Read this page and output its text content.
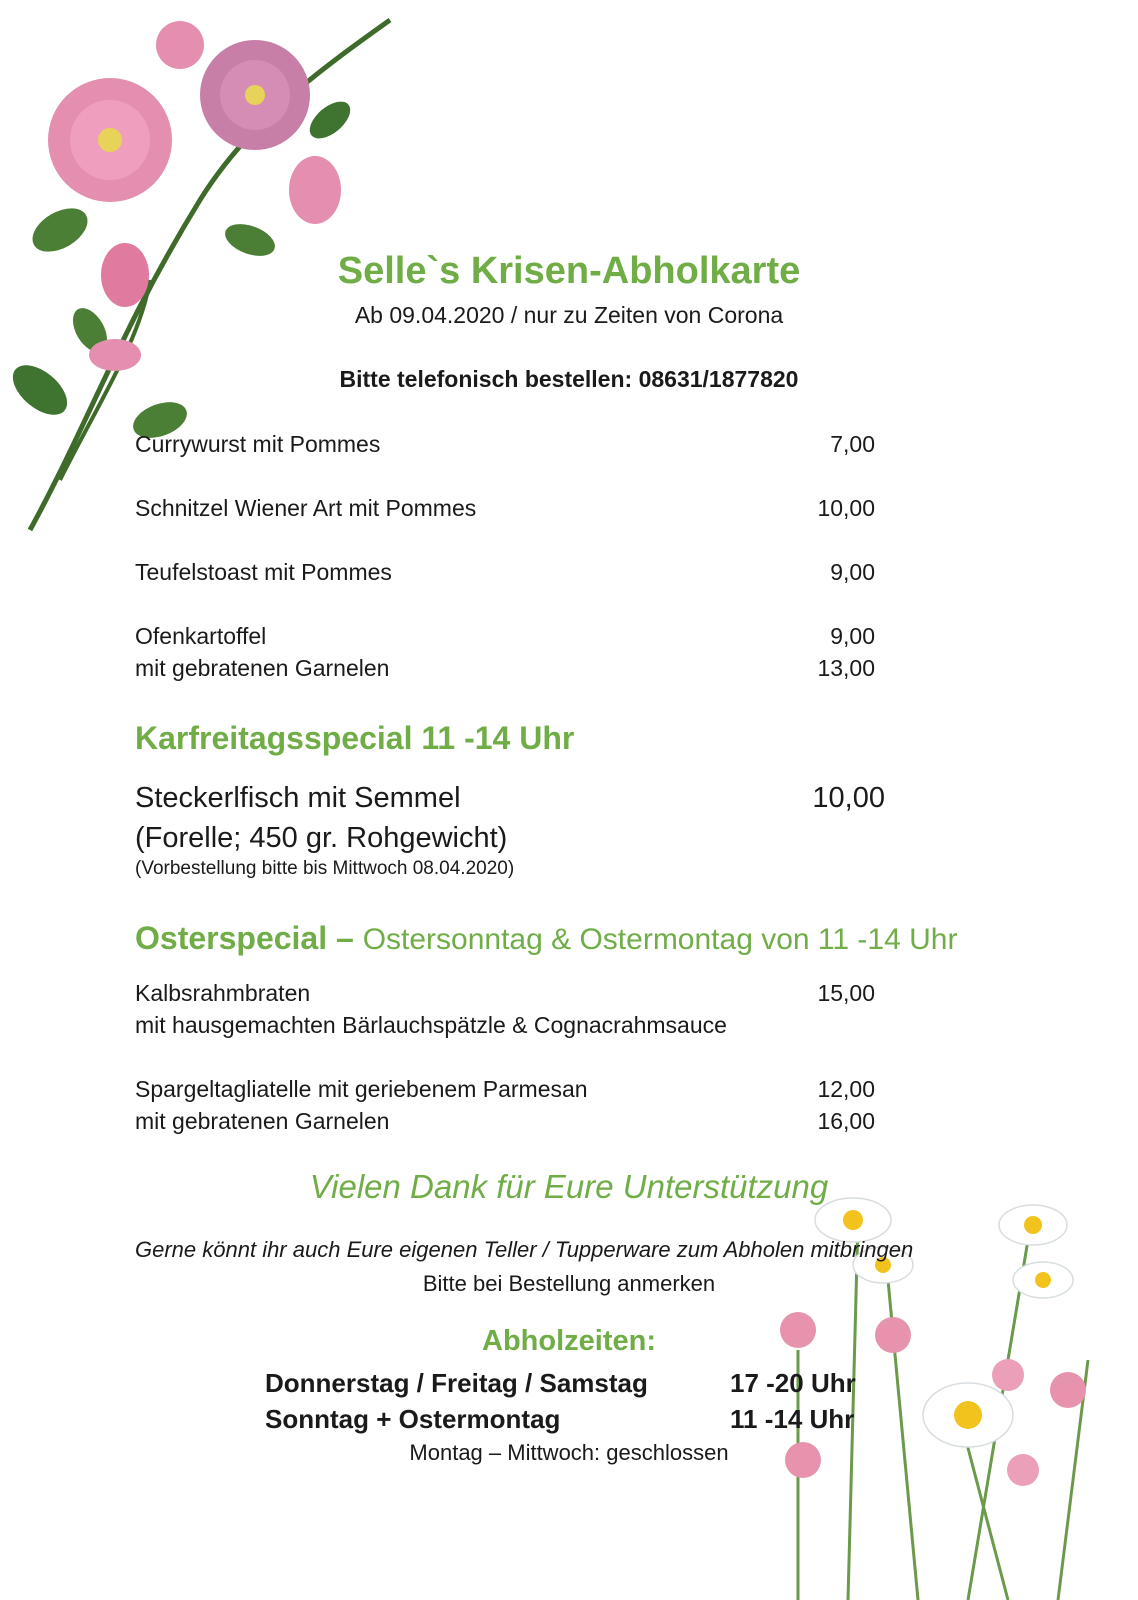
Selle`s Krisen-Abholkarte
Ab 09.04.2020 / nur zu Zeiten von Corona
Bitte telefonisch bestellen: 08631/1877820
Currywurst mit Pommes	7,00
Schnitzel Wiener Art mit Pommes	10,00
Teufelstoast mit Pommes	9,00
Ofenkartoffel	9,00
mit gebratenen Garnelen	13,00
Karfreitagsspecial 11 -14 Uhr
Steckerlfisch mit Semmel	10,00
(Forelle; 450 gr. Rohgewicht)
(Vorbestellung bitte bis Mittwoch 08.04.2020)
Osterspecial – Ostersonntag & Ostermontag von 11 -14 Uhr
Kalbsrahmbraten	15,00
mit hausgemachten Bärlauchspätzle & Cognacrahmsauce
Spargeltagliatelle mit geriebenem Parmesan	12,00
mit gebratenen Garnelen	16,00
Vielen Dank für Eure Unterstützung
Gerne könnt ihr auch Eure eigenen Teller / Tupperware zum Abholen mitbringen
Bitte bei Bestellung anmerken
Abholzeiten:
Donnerstag / Freitag / Samstag	17 -20 Uhr
Sonntag + Ostermontag	11 -14 Uhr
Montag – Mittwoch: geschlossen
